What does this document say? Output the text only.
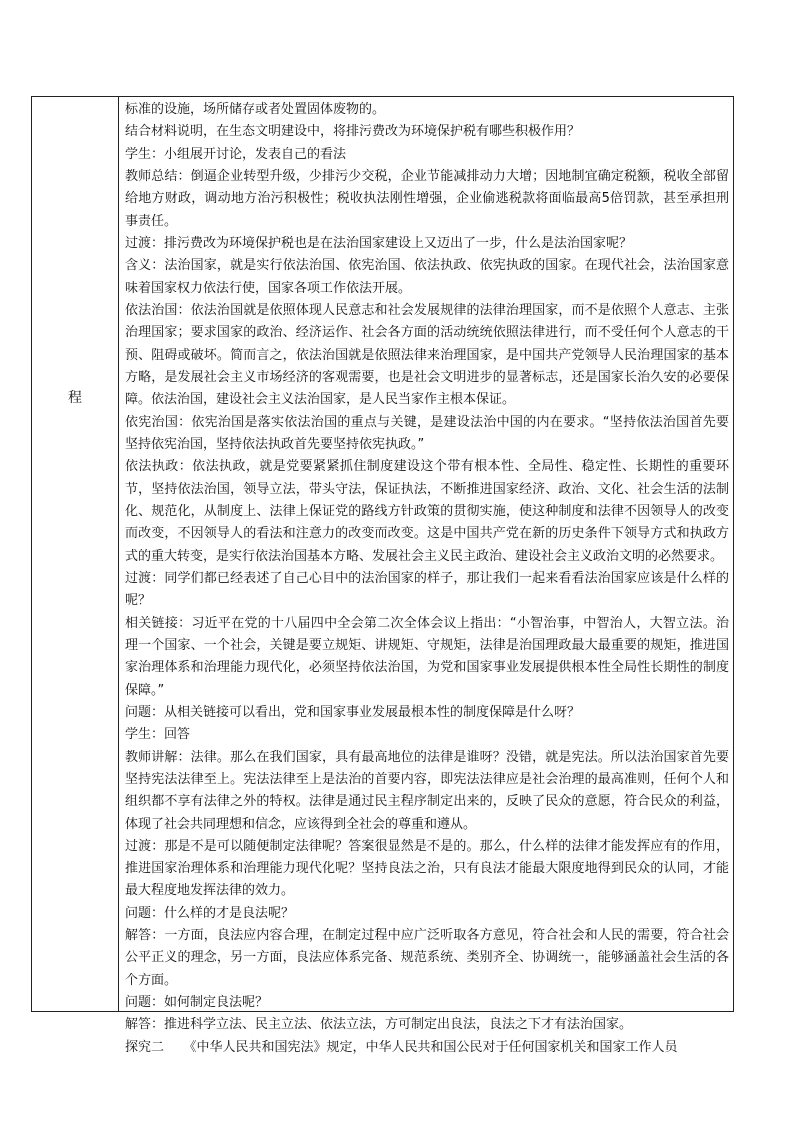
程

标准的设施，场所储存或者处置固体废物的。

结合材料说明，在生态文明建设中，将排污费改为环境保护税有哪些积极作用？

学生：小组展开讨论，发表自己的看法

教师总结：倒逼企业转型升级，少排污少交税，企业节能减排动力大增；因地制宜确定税额，税收全部留给地方财政，调动地方治污积极性；税收执法刚性增强，企业偷逃税款将面临最高5倍罚款，甚至承担刑事责任。

过渡：排污费改为环境保护税也是在法治国家建设上又迈出了一步，什么是法治国家呢？

含义：法治国家，就是实行依法治国、依宪治国、依法执政、依宪执政的国家。在现代社会，法治国家意味着国家权力依法行使，国家各项工作依法开展。

依法治国：依法治国就是依照体现人民意志和社会发展规律的法律治理国家，而不是依照个人意志、主张治理国家；要求国家的政治、经济运作、社会各方面的活动统统依照法律进行，而不受任何个人意志的干预、阻碍或破坏。简而言之，依法治国就是依照法律来治理国家，是中国共产党领导人民治理国家的基本方略，是发展社会主义市场经济的客观需要，也是社会文明进步的显著标志，还是国家长治久安的必要保障。依法治国，建设社会主义法治国家，是人民当家作主根本保证。

依宪治国：依宪治国是落实依法治国的重点与关键，是建设法治中国的内在要求。“坚持依法治国首先要坚持依宪治国，坚持依法执政首先要坚持依宪执政。”

依法执政：依法执政，就是党要紧紧抓住制度建设这个带有根本性、全局性、稳定性、长期性的重要环节，坚持依法治国，领导立法，带头守法，保证执法，不断推进国家经济、政治、文化、社会生活的法制化、规范化，从制度上、法律上保证党的路线方针政策的贯彻实施，使这种制度和法律不因领导人的改变而改变，不因领导人的看法和注意力的改变而改变。这是中国共产党在新的历史条件下领导方式和执政方式的重大转变，是实行依法治国基本方略、发展社会主义民主政治、建设社会主义政治文明的必然要求。

过渡：同学们都已经表述了自己心目中的法治国家的样子，那让我们一起来看看法治国家应该是什么样的呢？

相关链接：习近平在党的十八届四中全会第二次全体会议上指出：“小智治事，中智治人，大智立法。治理一个国家、一个社会，关键是要立规矩、讲规矩、守规矩，法律是治国理政最大最重要的规矩，推进国家治理体系和治理能力现代化，必须坚持依法治国，为党和国家事业发展提供根本性全局性长期性的制度保障。”

问题：从相关链接可以看出，党和国家事业发展最根本性的制度保障是什么呀？

学生：回答

教师讲解：法律。那么在我们国家，具有最高地位的法律是谁呀？没错，就是宪法。所以法治国家首先要坚持宪法法律至上。宪法法律至上是法治的首要内容，即宪法法律应是社会治理的最高准则，任何个人和组织都不享有法律之外的特权。法律是通过民主程序制定出来的，反映了民众的意愿，符合民众的利益，体现了社会共同理想和信念，应该得到全社会的尊重和遵从。

过渡：那是不是可以随便制定法律呢？答案很显然是不是的。那么，什么样的法律才能发挥应有的作用，推进国家治理体系和治理能力现代化呢？坚持良法之治，只有良法才能最大限度地得到民众的认同，才能最大程度地发挥法律的效力。

问题：什么样的才是良法呢？

解答：一方面，良法应内容合理，在制定过程中应广泛听取各方意见，符合社会和人民的需要，符合社会公平正义的理念，另一方面，良法应体系完备、规范系统、类别齐全、协调统一，能够涵盖社会生活的各个方面。

问题：如何制定良法呢？

解答：推进科学立法、民主立法、依法立法，方可制定出良法，良法之下才有法治国家。

探究二　　《中华人民共和国宪法》规定，中华人民共和国公民对于任何国家机关和国家工作人员
